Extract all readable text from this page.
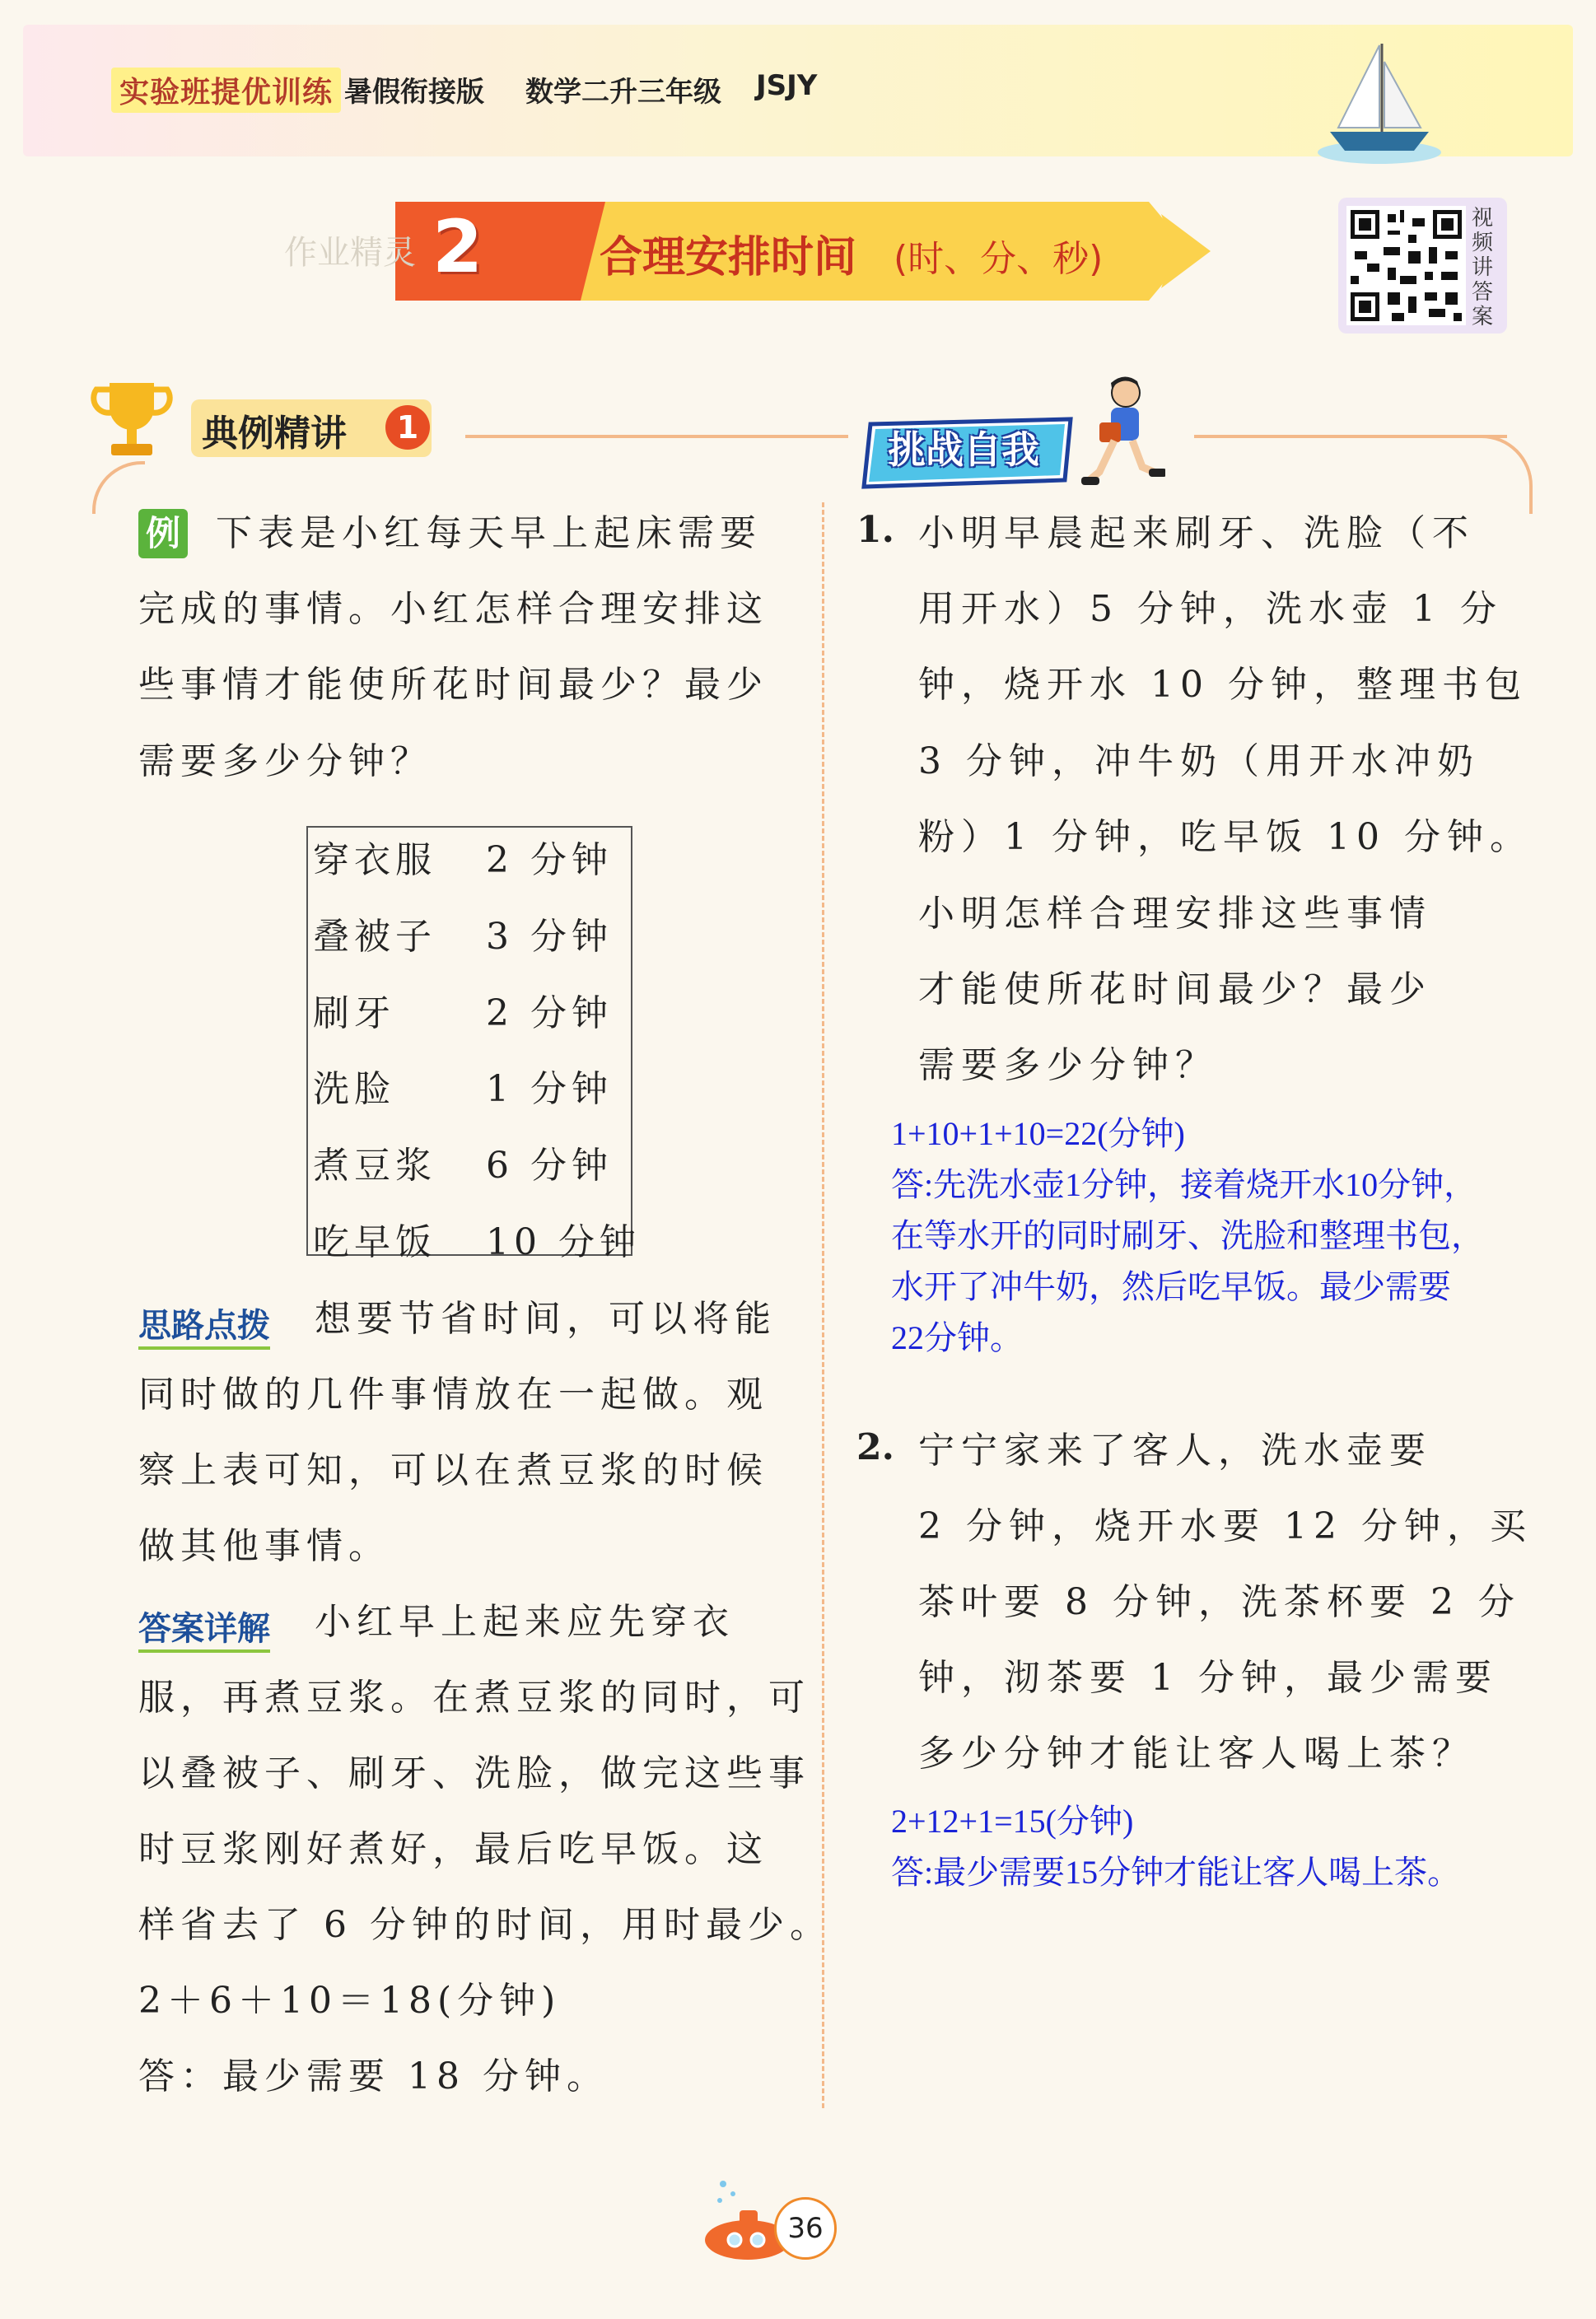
实验班提优训练 暑假衔接版 数学二升三年级 JSJY
作业精灵 2	合理安排时间 (时、分、秒)
视频讲答案
典例精讲	1	挑战自我
例 下表是小红每天早上起床需要
完成的事情。小红怎样合理安排这
些事情才能使所花时间最少？最少
需要多少分钟？
穿衣服 2 分钟
叠被子 3 分钟
刷牙	2 分钟
洗脸	1 分钟
煮豆浆 6 分钟
吃早饭 10 分钟
思路点拨 想要节省时间，可以将能
同时做的几件事情放在一起做。观
察上表可知，可以在煮豆浆的时候
做其他事情。
答案详解 小红早上起来应先穿衣
服，再煮豆浆。在煮豆浆的同时，可
以叠被子、刷牙、洗脸，做完这些事
时豆浆刚好煮好，最后吃早饭。这
样省去了 6 分钟的时间，用时最少。
2＋6＋10＝18(分钟)
答：最少需要 18 分钟。
1. 小明早晨起来刷牙、洗脸（不
用开水）5 分钟，洗水壶 1 分
钟，烧开水 10 分钟，整理书包
3 分钟，冲牛奶（用开水冲奶
粉）1 分钟，吃早饭 10 分钟。
小明怎样合理安排这些事情
才能使所花时间最少？最少
需要多少分钟？
1+10+1+10=22(分钟)
答:先洗水壶1分钟，接着烧开水10分钟，
在等水开的同时刷牙、洗脸和整理书包，
水开了冲牛奶，然后吃早饭。最少需要
22分钟。
2. 宁宁家来了客人，洗水壶要
2 分钟，烧开水要 12 分钟，买
茶叶要 8 分钟，洗茶杯要 2 分
钟，沏茶要 1 分钟，最少需要
多少分钟才能让客人喝上茶？
2+12+1=15(分钟)
答:最少需要15分钟才能让客人喝上茶。
36
